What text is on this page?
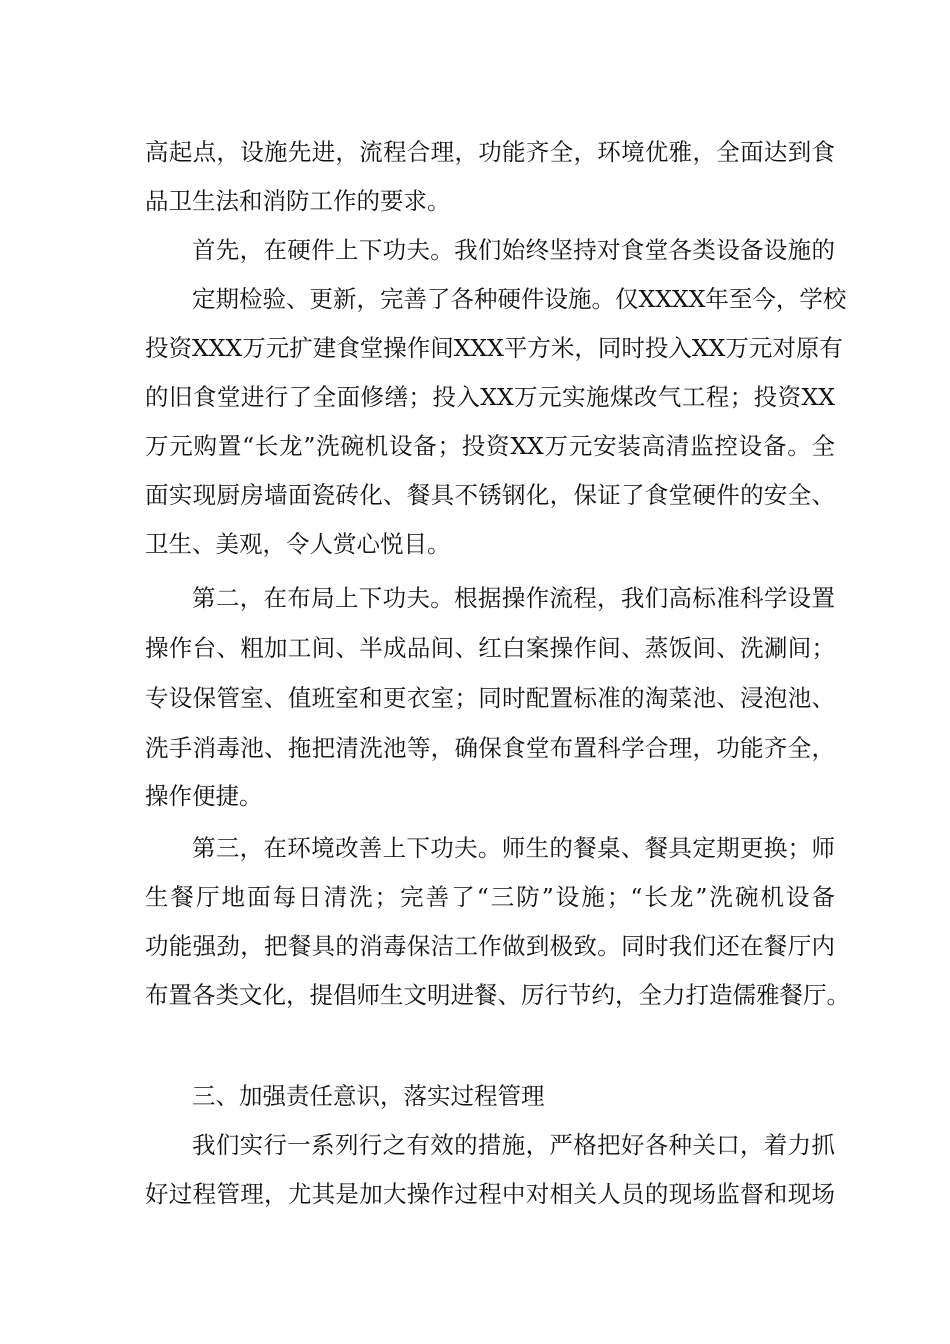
高起点，设施先进，流程合理，功能齐全，环境优雅，全面达到食
品卫生法和消防工作的要求。
首先，在硬件上下功夫。我们始终坚持对食堂各类设备设施的
定期检验、更新，完善了各种硬件设施。仅XXXX年至今，学校
投资XXX万元扩建食堂操作间XXX平方米，同时投入XX万元对原有
的旧食堂进行了全面修缮；投入XX万元实施煤改气工程；投资XX
万元购置“长龙”洗碗机设备；投资XX万元安装高清监控设备。全
面实现厨房墙面瓷砖化、餐具不锈钢化，保证了食堂硬件的安全、
卫生、美观，令人赏心悦目。
第二，在布局上下功夫。根据操作流程，我们高标准科学设置
操作台、粗加工间、半成品间、红白案操作间、蒸饭间、洗涮间；
专设保管室、值班室和更衣室；同时配置标准的淘菜池、浸泡池、
洗手消毒池、拖把清洗池等，确保食堂布置科学合理，功能齐全，
操作便捷。
第三，在环境改善上下功夫。师生的餐桌、餐具定期更换；师
生餐厅地面每日清洗；完善了“三防”设施；“长龙”洗碗机设备
功能强劲，把餐具的消毒保洁工作做到极致。同时我们还在餐厅内
布置各类文化，提倡师生文明进餐、厉行节约，全力打造儒雅餐厅。
三、加强责任意识，落实过程管理
我们实行一系列行之有效的措施，严格把好各种关口，着力抓
好过程管理，尤其是加大操作过程中对相关人员的现场监督和现场
